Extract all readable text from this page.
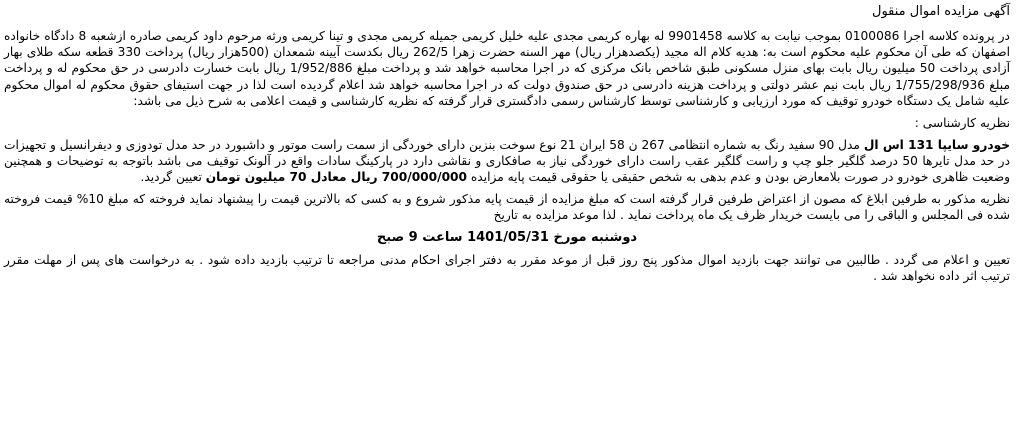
آگهی مزایده اموال منقول

در پرونده کلاسه اجرا 0100086 بموجب نیابت به کلاسه 9901458 له بهاره کریمی مجدی علیه خلیل کریمی جمیله کریمی مجدی و تینا کریمی ورثه مرحوم داود کریمی صادره ازشعبه 8 دادگاه خانواده اصفهان که طی آن محکوم علیه محکوم است به: هدیه کلام اله مجید (یکصدهزار ریال) مهر السنه حضرت زهرا 262/5 ریال بکدست آیینه شمعدان (500هزار ریال) پرداخت 330 قطعه سکه طلای بهار آزادی پرداخت 50 میلیون ریال بابت بهای منزل مسکونی طبق شاخص بانک مرکزی که در اجرا محاسبه خواهد شد و پرداخت مبلغ 1/952/886 ریال بابت خسارت دادرسی در حق محکوم له و پرداخت مبلغ 1/755/298/936 ریال بابت نیم عشر دولتی و پرداخت هزینه دادرسی در حق صندوق دولت که در اجرا محاسبه خواهد شد اعلام گردیده است لذا در جهت استیفای حقوق محکوم له اموال محکوم علیه شامل یک دستگاه خودرو توقیف که مورد ارزیابی و کارشناسی توسط کارشناس رسمی دادگستری قرار گرفته که نظریه کارشناسی و قیمت اعلامی به شرح ذیل می باشد:

نظریه کارشناسی :

خودرو سایپا 131 اس ال مدل 90 سفید رنگ به شماره انتظامی 267 ن 58 ایران 21 نوع سوخت بنزین دارای خوردگی از سمت راست موتور و داشبورد در حد مدل تودوزی و دیفرانسیل و تجهیزات در حد مدل تایرها 50 درصد گلگیر جلو چپ و راست گلگیر عقب راست دارای خوردگی نیاز به صافکاری و نقاشی دارد در پارکینگ سادات واقع در آلونک توقیف می باشد باتوجه به توضیحات و همچنین وضعیت ظاهری خودرو در صورت بلامعارض بودن و عدم بدهی به شخص حقیقی یا حقوقی قیمت پایه مزایده 700/000/000 ریال معادل 70 میلیون تومان تعیین گردید.

نظریه مذکور به طرفین ابلاغ که مصون از اعتراض طرفین قرار گرفته است که مبلغ مزایده از قیمت پایه مذکور شروع و به کسی که بالاترین قیمت را پیشنهاد نماید فروخته که مبلغ 10% قیمت فروخته شده فی المجلس و الباقی را می بایست خریدار ظرف یک ماه پرداخت نماید . لذا موعد مزایده به تاریخ

دوشنبه مورخ 1401/05/31 ساعت 9 صبح

تعیین و اعلام می گردد . طالبین می توانند جهت بازدید اموال مذکور پنج روز قبل از موعد مقرر به دفتر اجرای احکام مدنی مراجعه تا ترتیب بازدید داده شود . به درخواست های پس از مهلت مقرر ترتیب اثر داده نخواهد شد .
